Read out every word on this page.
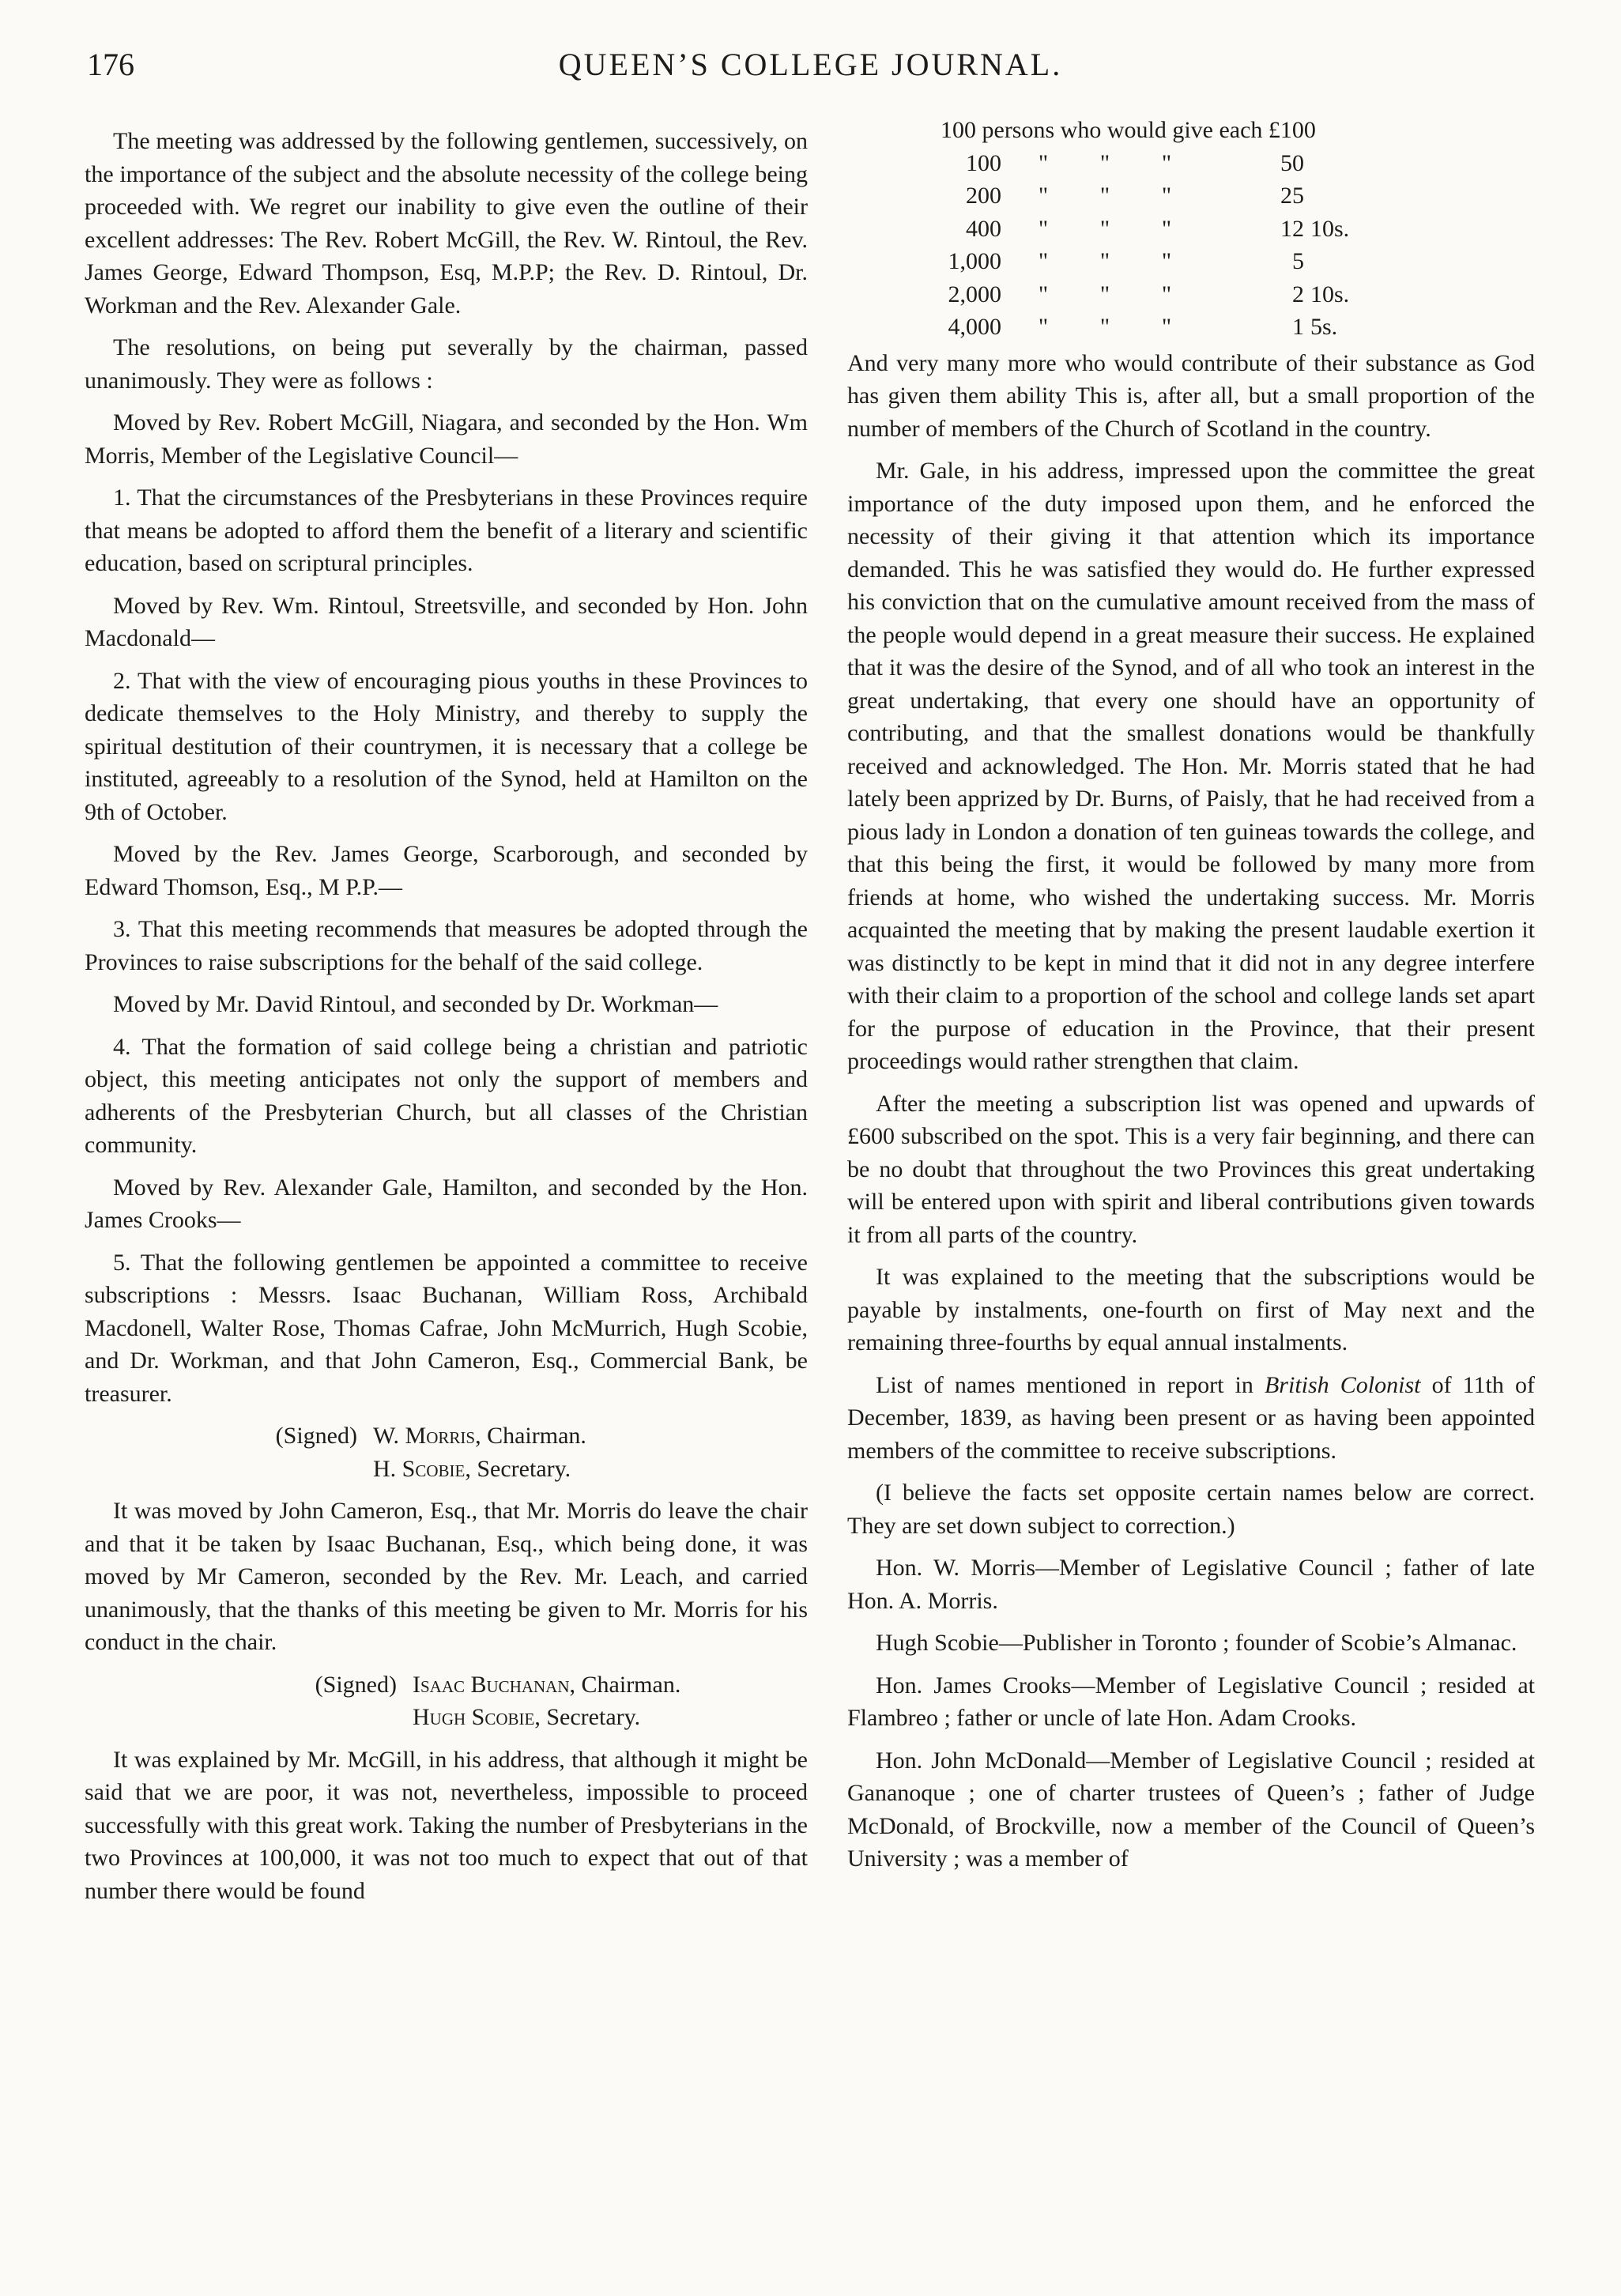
176	QUEEN’S COLLEGE JOURNAL.

The meeting was addressed by the following gentlemen, successively, on the importance of the subject and the absolute necessity of the college being proceeded with. We regret our inability to give even the outline of their excellent addresses: The Rev. Robert McGill, the Rev. W. Rintoul, the Rev. James George, Edward Thompson, Esq, M.P.P; the Rev. D. Rintoul, Dr. Workman and the Rev. Alexander Gale.

The resolutions, on being put severally by the chairman, passed unanimously. They were as follows :

Moved by Rev. Robert McGill, Niagara, and seconded by the Hon. Wm Morris, Member of the Legislative Council—

1. That the circumstances of the Presbyterians in these Provinces require that means be adopted to afford them the benefit of a literary and scientific education, based on scriptural principles.

Moved by Rev. Wm. Rintoul, Streetsville, and seconded by Hon. John Macdonald—

2. That with the view of encouraging pious youths in these Provinces to dedicate themselves to the Holy Ministry, and thereby to supply the spiritual destitution of their countrymen, it is necessary that a college be instituted, agreeably to a resolution of the Synod, held at Hamilton on the 9th of October.

Moved by the Rev. James George, Scarborough, and seconded by Edward Thomson, Esq., M P.P.—

3. That this meeting recommends that measures be adopted through the Provinces to raise subscriptions for the behalf of the said college.

Moved by Mr. David Rintoul, and seconded by Dr. Workman—

4. That the formation of said college being a christian and patriotic object, this meeting anticipates not only the support of members and adherents of the Presbyterian Church, but all classes of the Christian community.

Moved by Rev. Alexander Gale, Hamilton, and seconded by the Hon. James Crooks—

5. That the following gentlemen be appointed a committee to receive subscriptions : Messrs. Isaac Buchanan, William Ross, Archibald Macdonell, Walter Rose, Thomas Cafrae, John McMurrich, Hugh Scobie, and Dr. Workman, and that John Cameron, Esq., Commercial Bank, be treasurer.

(Signed) W. Morris, Chairman.
H. Scobie, Secretary.

It was moved by John Cameron, Esq., that Mr. Morris do leave the chair and that it be taken by Isaac Buchanan, Esq., which being done, it was moved by Mr Cameron, seconded by the Rev. Mr. Leach, and carried unanimously, that the thanks of this meeting be given to Mr. Morris for his conduct in the chair.

(Signed) Isaac Buchanan, Chairman.
Hugh Scobie, Secretary.

It was explained by Mr. McGill, in his address, that although it might be said that we are poor, it was not, nevertheless, impossible to proceed successfully with this great work. Taking the number of Presbyterians in the two Provinces at 100,000, it was not too much to expect that out of that number there would be found

100 persons who would give each £100					
100	"	"	"	50	
200	"	"	"	25	
400	"	"	"	12	10s.
1,000	"	"	"	5	
2,000	"	"	"	2	10s.
4,000	"	"	"	1	5s.

And very many more who would contribute of their substance as God has given them ability This is, after all, but a small proportion of the number of members of the Church of Scotland in the country.

Mr. Gale, in his address, impressed upon the committee the great importance of the duty imposed upon them, and he enforced the necessity of their giving it that attention which its importance demanded. This he was satisfied they would do. He further expressed his conviction that on the cumulative amount received from the mass of the people would depend in a great measure their success. He explained that it was the desire of the Synod, and of all who took an interest in the great undertaking, that every one should have an opportunity of contributing, and that the smallest donations would be thankfully received and acknowledged. The Hon. Mr. Morris stated that he had lately been apprized by Dr. Burns, of Paisly, that he had received from a pious lady in London a donation of ten guineas towards the college, and that this being the first, it would be followed by many more from friends at home, who wished the undertaking success. Mr. Morris acquainted the meeting that by making the present laudable exertion it was distinctly to be kept in mind that it did not in any degree interfere with their claim to a proportion of the school and college lands set apart for the purpose of education in the Province, that their present proceedings would rather strengthen that claim.

After the meeting a subscription list was opened and upwards of £600 subscribed on the spot. This is a very fair beginning, and there can be no doubt that throughout the two Provinces this great undertaking will be entered upon with spirit and liberal contributions given towards it from all parts of the country.

It was explained to the meeting that the subscriptions would be payable by instalments, one-fourth on first of May next and the remaining three-fourths by equal annual instalments.

List of names mentioned in report in British Colonist of 11th of December, 1839, as having been present or as having been appointed members of the committee to receive subscriptions.

(I believe the facts set opposite certain names below are correct. They are set down subject to correction.)

Hon. W. Morris—Member of Legislative Council ; father of late Hon. A. Morris.

Hugh Scobie—Publisher in Toronto ; founder of Scobie’s Almanac.

Hon. James Crooks—Member of Legislative Council ; resided at Flambreo ; father or uncle of late Hon. Adam Crooks.

Hon. John McDonald—Member of Legislative Council ; resided at Gananoque ; one of charter trustees of Queen’s ; father of Judge McDonald, of Brockville, now a member of the Council of Queen’s University ; was a member of
